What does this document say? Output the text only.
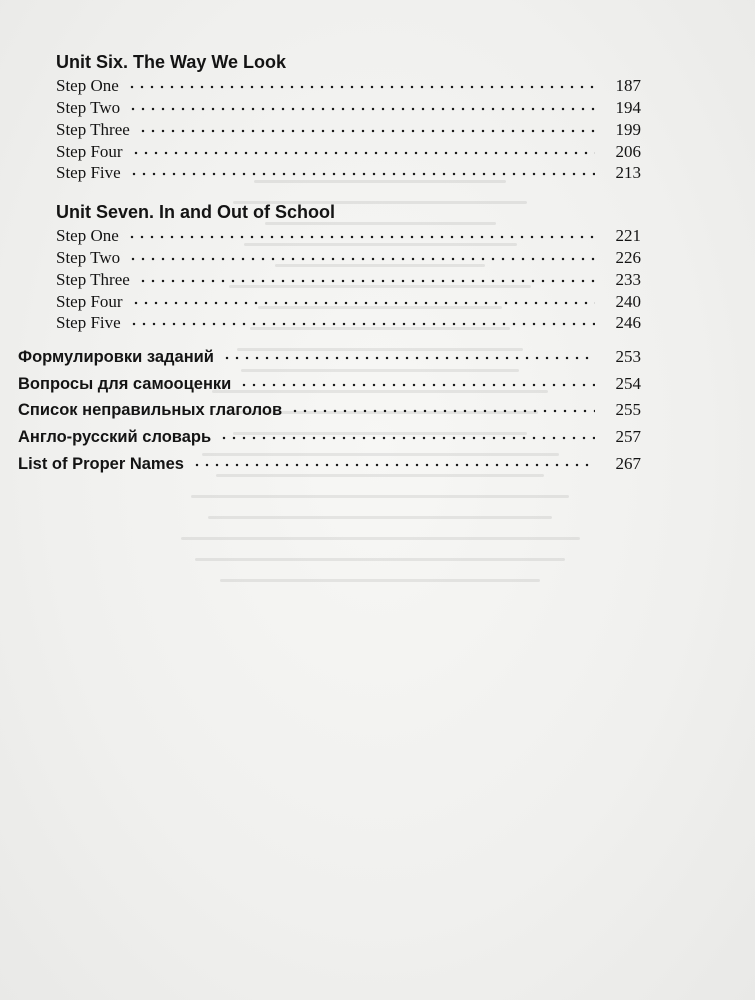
Unit Six. The Way We Look
Step One	187
Step Two	194
Step Three	199
Step Four	206
Step Five	213
Unit Seven. In and Out of School
Step One	221
Step Two	226
Step Three	233
Step Four	240
Step Five	246
Формулировки заданий	253
Вопросы для самооценки	254
Список неправильных глаголов	255
Англо-русский словарь	257
List of Proper Names	267
